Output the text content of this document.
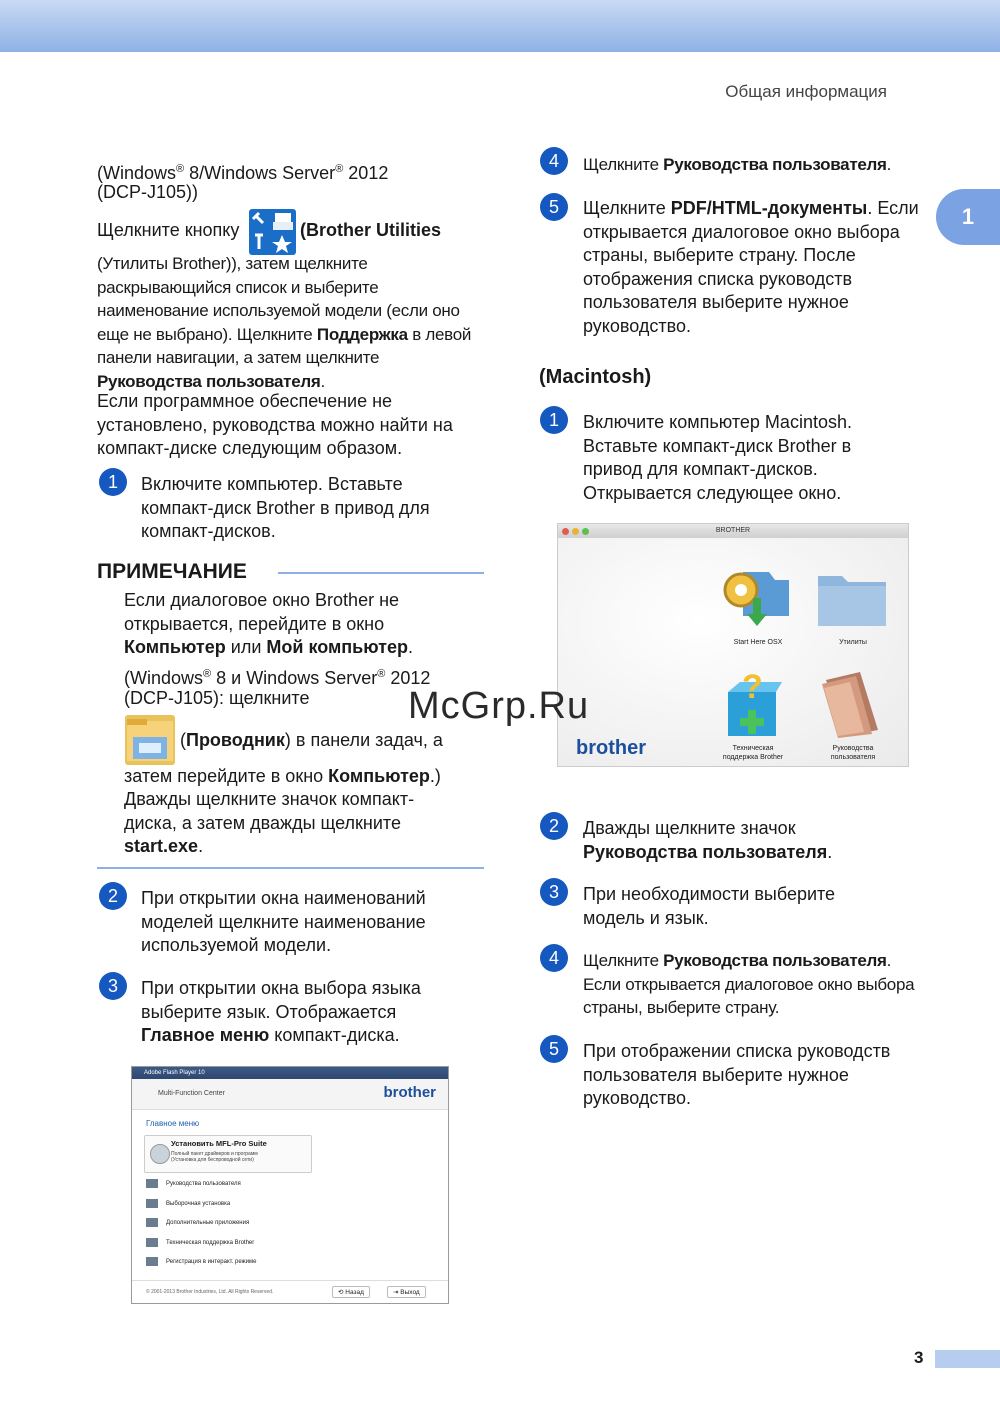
Общая информация
1

(Windows® 8/Windows Server® 2012

(DCP-J105))

Щелкните кнопку	(Brother Utilities

(Утилиты Brother)), затем щелкните раскрывающийся список и выберите наименование используемой модели (если оно еще не выбрано). Щелкните Поддержка в левой панели навигации, а затем щелкните Руководства пользователя.

Если программное обеспечение не установлено, руководства можно найти на компакт-диске следующим образом.

1	Включите компьютер. Вставьте компакт-диск Brother в привод для компакт-дисков.

ПРИМЕЧАНИЕ

Если диалоговое окно Brother не открывается, перейдите в окно Компьютер или Мой компьютер.

(Windows® 8 и Windows Server® 2012

(DCP-J105): щелкните

(Проводник) в панели задач, а

затем перейдите в окно Компьютер.)

Дважды щелкните значок компакт-диска, а затем дважды щелкните start.exe.

2	При открытии окна наименований моделей щелкните наименование используемой модели.

3	При открытии окна выбора языка выберите язык. Отображается Главное меню компакт-диска.

Adobe Flash Player 10
Multi-Function Center	brother
Главное меню
Установить MFL-Pro Suite
Полный пакет драйверов и программ
(Установка для беспроводной сети)
Руководства пользователя
Выборочная установка
Дополнительные приложения
Техническая поддержка Brother
Регистрация в интеракт. режиме
© 2001-2013 Brother Industries, Ltd. All Rights Reserved.	⟲ Назад	⇥ Выход
4	Щелкните Руководства пользователя.

5	Щелкните PDF/HTML-документы. Если открывается диалоговое окно выбора страны, выберите страну. После отображения списка руководств пользователя выберите нужное руководство.

(Macintosh)
1	Включите компьютер Macintosh. Вставьте компакт-диск Brother в привод для компакт-дисков. Открывается следующее окно.

BROTHER
Start Here OSX	Утилиты
?
Техническая
поддержка Brother
Руководства
пользователя
brother
2	Дважды щелкните значок Руководства пользователя.

3	При необходимости выберите модель и язык.

4	Щелкните Руководства пользователя.
Если открывается диалоговое окно выбора страны, выберите страну.

5	При отображении списка руководств пользователя выберите нужное руководство.

McGrp.Ru
3
